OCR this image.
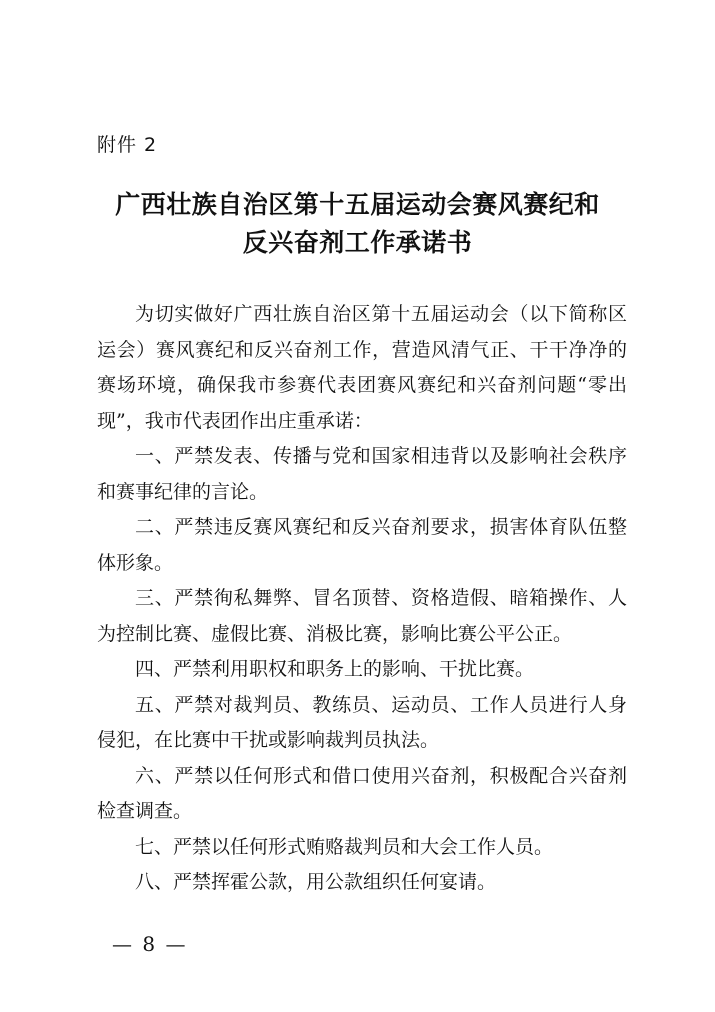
附件 2
广西壮族自治区第十五届运动会赛风赛纪和
反兴奋剂工作承诺书

为切实做好广西壮族自治区第十五届运动会（以下简称区运会）赛风赛纪和反兴奋剂工作，营造风清气正、干干净净的赛场环境，确保我市参赛代表团赛风赛纪和兴奋剂问题“零出现”，我市代表团作出庄重承诺：

一、严禁发表、传播与党和国家相违背以及影响社会秩序和赛事纪律的言论。

二、严禁违反赛风赛纪和反兴奋剂要求，损害体育队伍整体形象。

三、严禁徇私舞弊、冒名顶替、资格造假、暗箱操作、人为控制比赛、虚假比赛、消极比赛，影响比赛公平公正。

四、严禁利用职权和职务上的影响、干扰比赛。

五、严禁对裁判员、教练员、运动员、工作人员进行人身侵犯，在比赛中干扰或影响裁判员执法。

六、严禁以任何形式和借口使用兴奋剂，积极配合兴奋剂检查调查。

七、严禁以任何形式贿赂裁判员和大会工作人员。

八、严禁挥霍公款，用公款组织任何宴请。

— 8 —
